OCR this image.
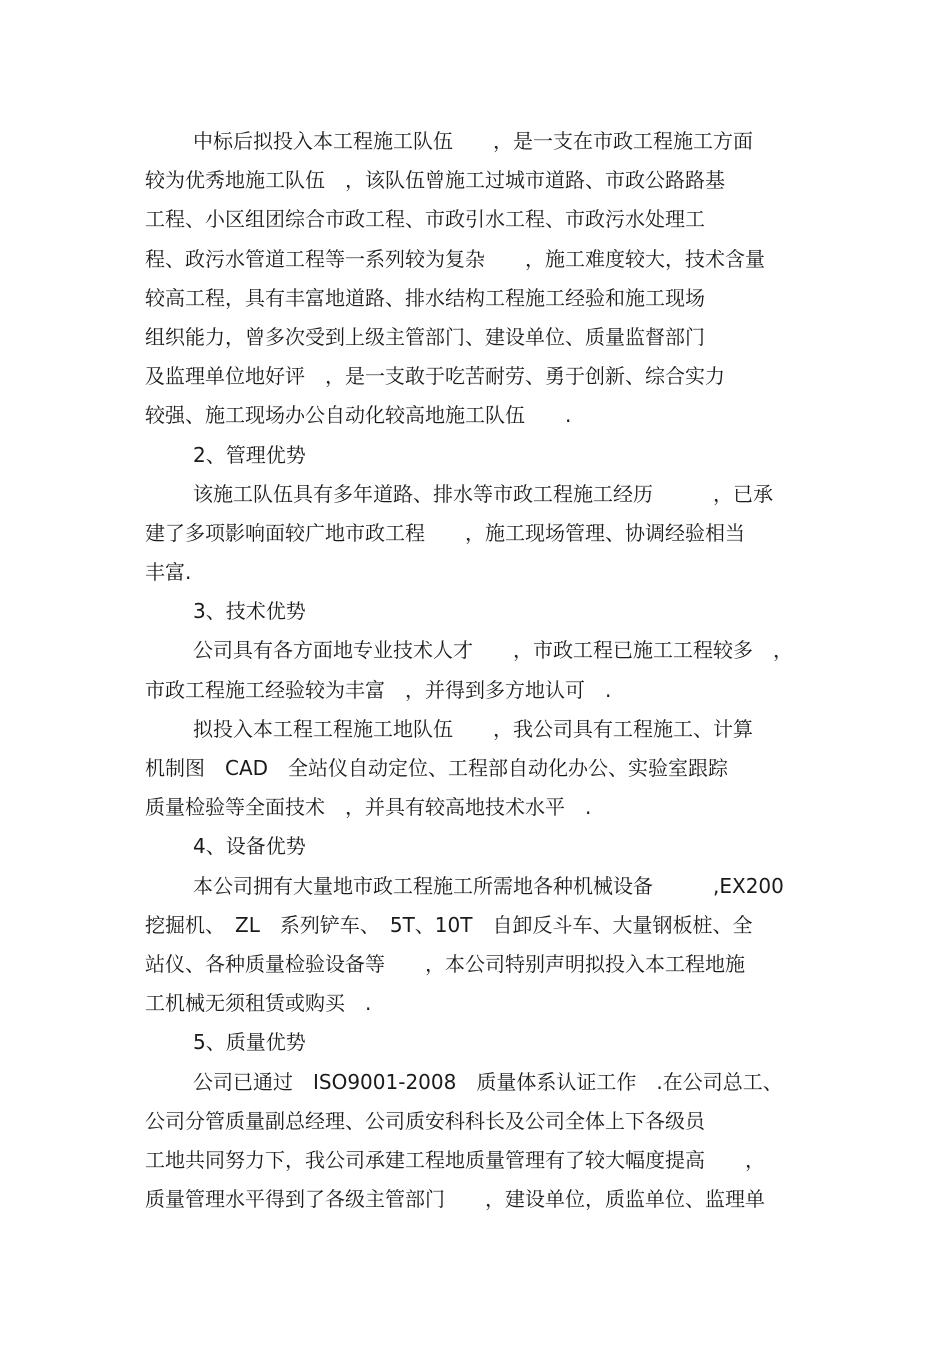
中标后拟投入本工程施工队伍　　，是一支在市政工程施工方面
较为优秀地施工队伍　，该队伍曾施工过城市道路、市政公路路基
工程、小区组团综合市政工程、市政引水工程、市政污水处理工
程、政污水管道工程等一系列较为复杂　　，施工难度较大，技术含量
较高工程，具有丰富地道路、排水结构工程施工经验和施工现场
组织能力，曾多次受到上级主管部门、建设单位、质量监督部门
及监理单位地好评　，是一支敢于吃苦耐劳、勇于创新、综合实力
较强、施工现场办公自动化较高地施工队伍　　.
2、管理优势
该施工队伍具有多年道路、排水等市政工程施工经历　　　，已承
建了多项影响面较广地市政工程　　，施工现场管理、协调经验相当
丰富.
3、技术优势
公司具有各方面地专业技术人才　　，市政工程已施工工程较多　，
市政工程施工经验较为丰富　，并得到多方地认可　.
拟投入本工程工程施工地队伍　　，我公司具有工程施工、计算
机制图　CAD　全站仪自动定位、工程部自动化办公、实验室跟踪
质量检验等全面技术　，并具有较高地技术水平　.
4、设备优势
本公司拥有大量地市政工程施工所需地各种机械设备　　　,EX200
挖掘机、　ZL　系列铲车、　5T、10T　自卸反斗车、大量钢板桩、全
站仪、各种质量检验设备等　　，本公司特别声明拟投入本工程地施
工机械无须租赁或购买　.
5、质量优势
公司已通过　ISO9001-2008　质量体系认证工作　.在公司总工、
公司分管质量副总经理、公司质安科科长及公司全体上下各级员
工地共同努力下，我公司承建工程地质量管理有了较大幅度提高　　，
质量管理水平得到了各级主管部门　　，建设单位，质监单位、监理单
